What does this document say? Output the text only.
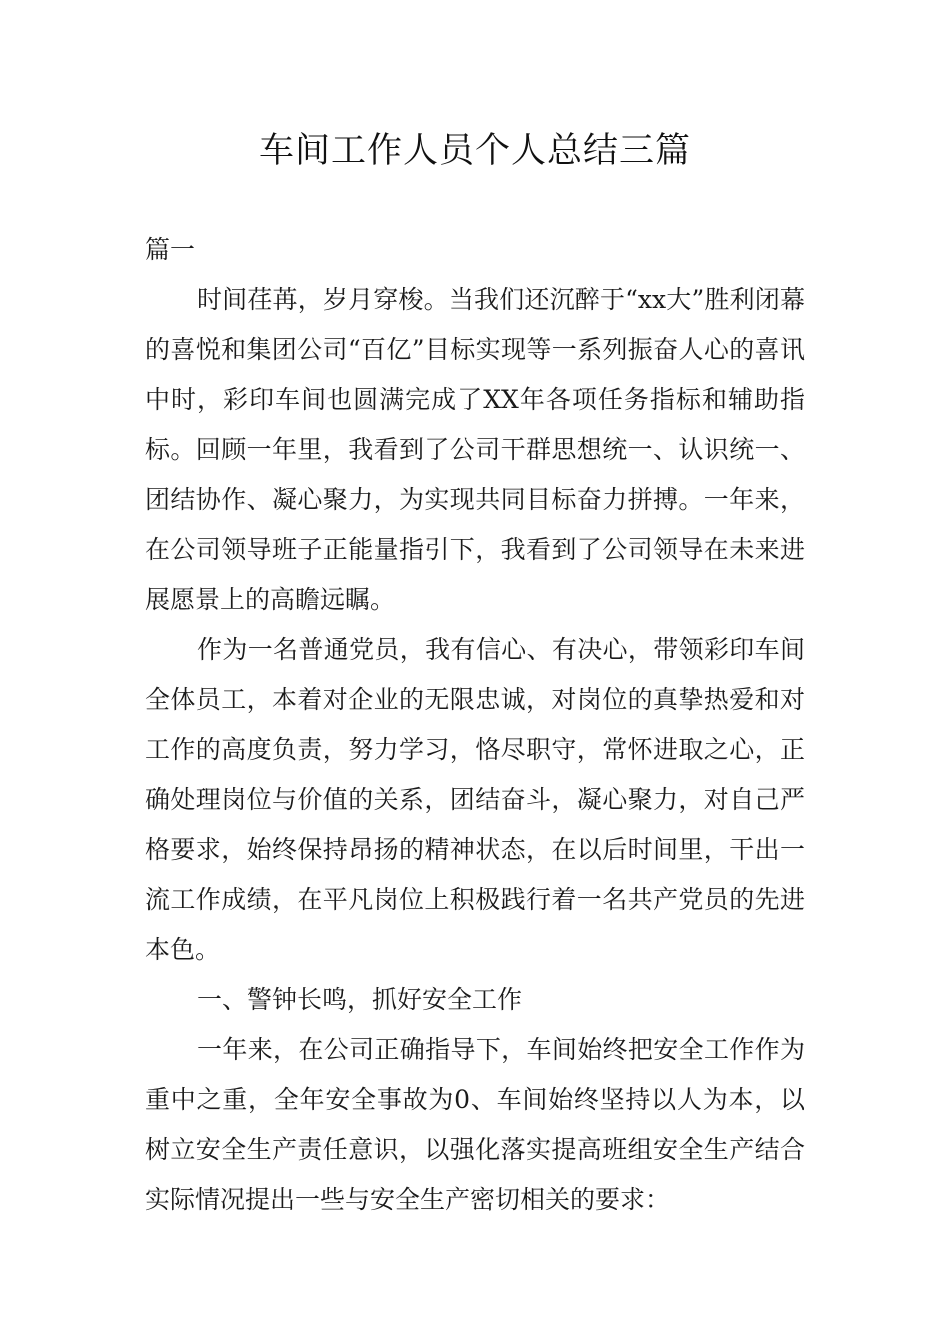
车间工作人员个人总结三篇

篇一

时间荏苒，岁月穿梭。当我们还沉醉于“xx大”胜利闭幕的喜悦和集团公司“百亿”目标实现等一系列振奋人心的喜讯中时，彩印车间也圆满完成了XX年各项任务指标和辅助指标。回顾一年里，我看到了公司干群思想统一、认识统一、团结协作、凝心聚力，为实现共同目标奋力拼搏。一年来，在公司领导班子正能量指引下，我看到了公司领导在未来进展愿景上的高瞻远瞩。

作为一名普通党员，我有信心、有决心，带领彩印车间全体员工，本着对企业的无限忠诚，对岗位的真挚热爱和对工作的高度负责，努力学习，恪尽职守，常怀进取之心，正确处理岗位与价值的关系，团结奋斗，凝心聚力，对自己严格要求，始终保持昂扬的精神状态，在以后时间里，干出一流工作成绩，在平凡岗位上积极践行着一名共产党员的先进本色。

一、警钟长鸣，抓好安全工作

一年来，在公司正确指导下，车间始终把安全工作作为重中之重，全年安全事故为0、车间始终坚持以人为本，以树立安全生产责任意识，以强化落实提高班组安全生产结合实际情况提出一些与安全生产密切相关的要求：
